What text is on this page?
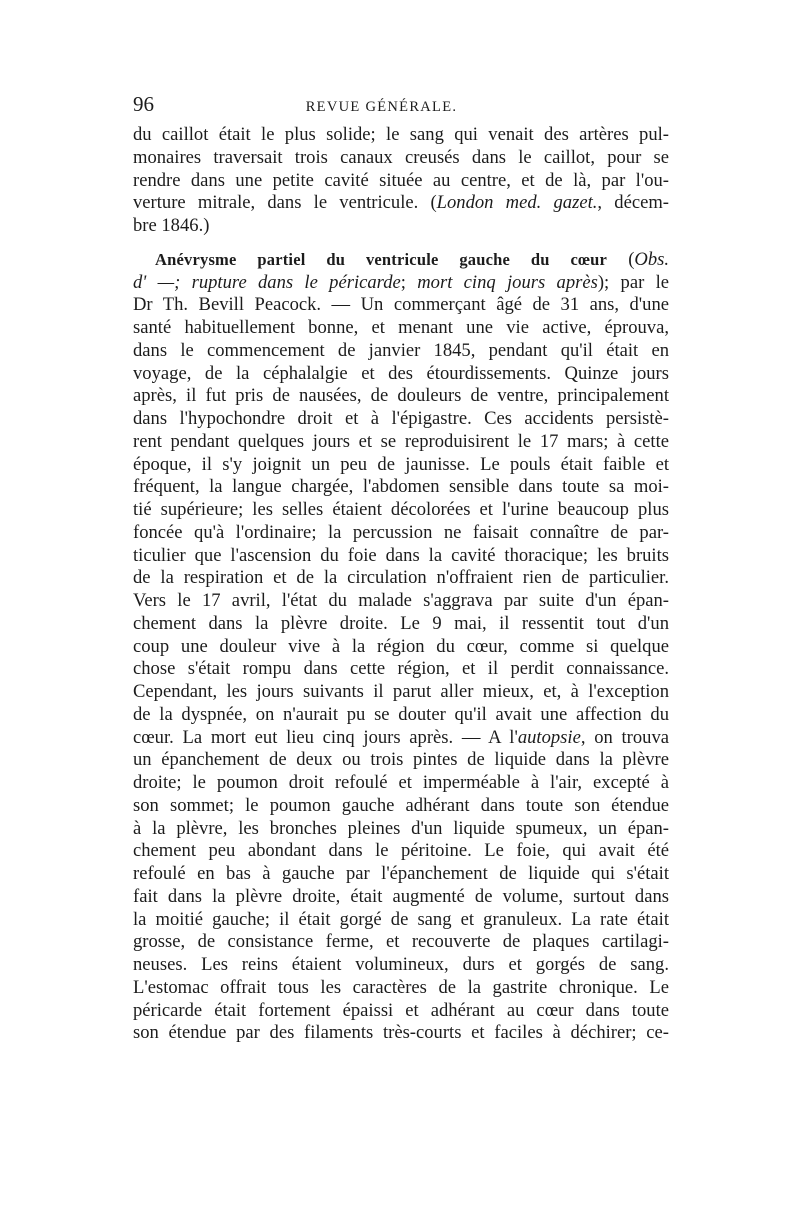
96	REVUE GÉNÉRALE.
du caillot était le plus solide; le sang qui venait des artères pul-
monaires traversait trois canaux creusés dans le caillot, pour se
rendre dans une petite cavité située au centre, et de là, par l'ou-
verture mitrale, dans le ventricule. (London med. gazet., décem-
bre 1846.)
Anévrysme partiel du ventricule gauche du cœur (Obs.
d' —; rupture dans le péricarde; mort cinq jours après); par le
Dr Th. Bevill Peacock. — Un commerçant âgé de 31 ans, d'une
santé habituellement bonne, et menant une vie active, éprouva,
dans le commencement de janvier 1845, pendant qu'il était en
voyage, de la céphalalgie et des étourdissements. Quinze jours
après, il fut pris de nausées, de douleurs de ventre, principalement
dans l'hypochondre droit et à l'épigastre. Ces accidents persistè-
rent pendant quelques jours et se reproduisirent le 17 mars; à cette
époque, il s'y joignit un peu de jaunisse. Le pouls était faible et
fréquent, la langue chargée, l'abdomen sensible dans toute sa moi-
tié supérieure; les selles étaient décolorées et l'urine beaucoup plus
foncée qu'à l'ordinaire; la percussion ne faisait connaître de par-
ticulier que l'ascension du foie dans la cavité thoracique; les bruits
de la respiration et de la circulation n'offraient rien de particulier.
Vers le 17 avril, l'état du malade s'aggrava par suite d'un épan-
chement dans la plèvre droite. Le 9 mai, il ressentit tout d'un
coup une douleur vive à la région du cœur, comme si quelque
chose s'était rompu dans cette région, et il perdit connaissance.
Cependant, les jours suivants il parut aller mieux, et, à l'exception
de la dyspnée, on n'aurait pu se douter qu'il avait une affection du
cœur. La mort eut lieu cinq jours après. — A l'autopsie, on trouva
un épanchement de deux ou trois pintes de liquide dans la plèvre
droite; le poumon droit refoulé et imperméable à l'air, excepté à
son sommet; le poumon gauche adhérant dans toute son étendue
à la plèvre, les bronches pleines d'un liquide spumeux, un épan-
chement peu abondant dans le péritoine. Le foie, qui avait été
refoulé en bas à gauche par l'épanchement de liquide qui s'était
fait dans la plèvre droite, était augmenté de volume, surtout dans
la moitié gauche; il était gorgé de sang et granuleux. La rate était
grosse, de consistance ferme, et recouverte de plaques cartilagi-
neuses. Les reins étaient volumineux, durs et gorgés de sang.
L'estomac offrait tous les caractères de la gastrite chronique. Le
péricarde était fortement épaissi et adhérant au cœur dans toute
son étendue par des filaments très-courts et faciles à déchirer; ce-
